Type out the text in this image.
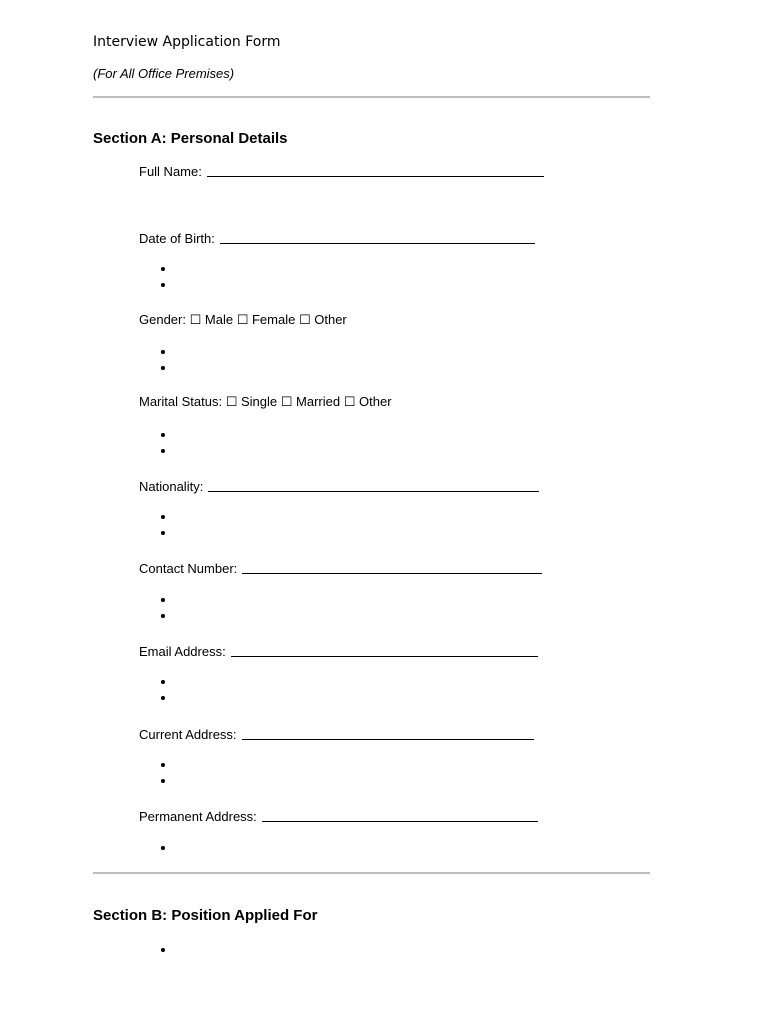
Interview Application Form
(For All Office Premises)
Section A: Personal Details
Full Name:
Date of Birth:
Gender: ☐ Male ☐ Female ☐ Other
Marital Status: ☐ Single ☐ Married ☐ Other
Nationality:
Contact Number:
Email Address:
Current Address:
Permanent Address:
Section B: Position Applied For
